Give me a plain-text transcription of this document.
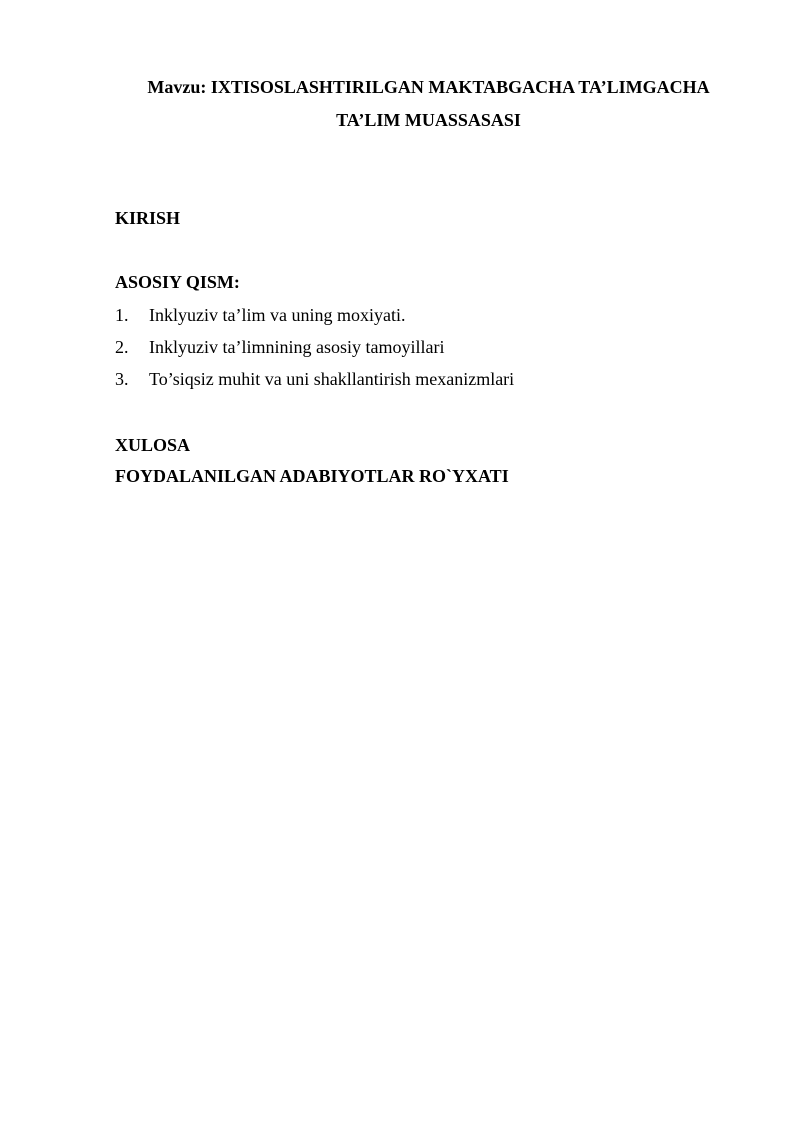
Mavzu: IXTISOSLASHTIRILGAN MAKTABGACHA TA’LIMGACHA
TA’LIM MUASSASASI
KIRISH
ASOSIY QISM:
1.	Inklyuziv ta’lim va uning moxiyati.
2.	Inklyuziv ta’limnining asosiy tamoyillari
3.	To’siqsiz muhit va uni shakllantirish mexanizmlari
XULOSA
FOYDALANILGAN ADABIYOTLAR RO`YXATI
